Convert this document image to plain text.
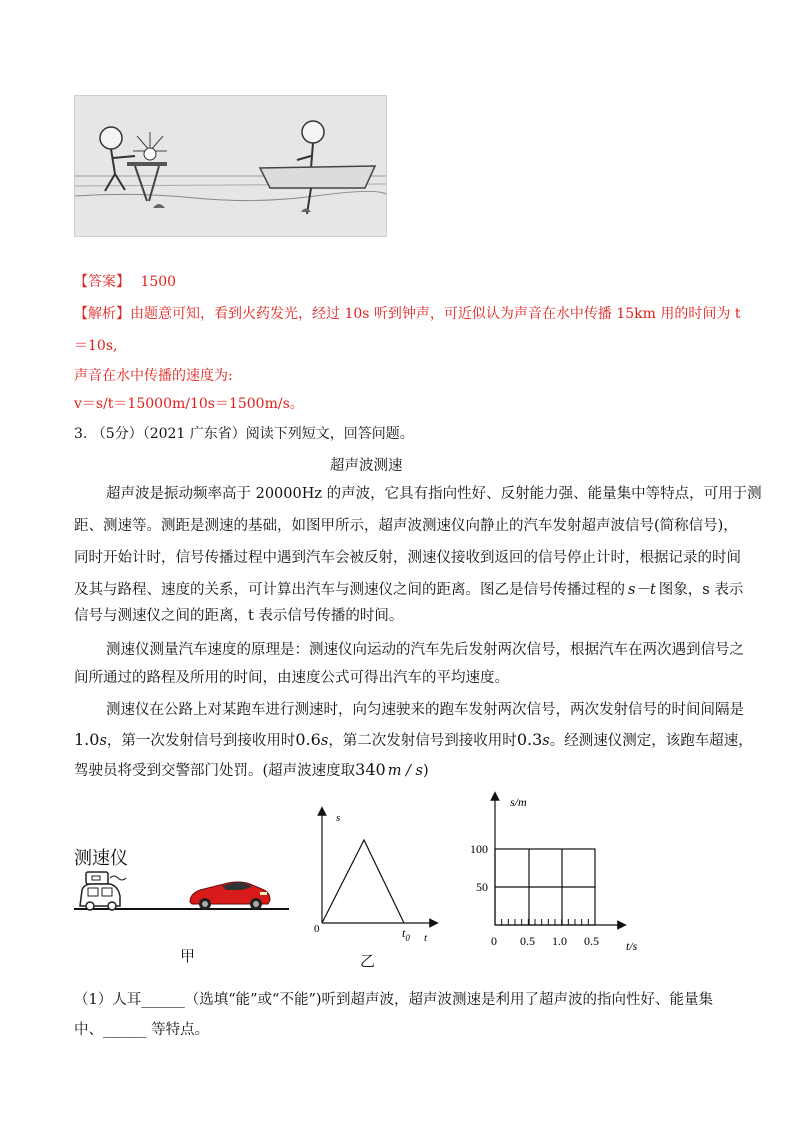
【答案】 1500
【解析】由题意可知，看到火药发光，经过 10s 听到钟声，可近似认为声音在水中传播 15km 用的时间为 t
＝10s,
声音在水中传播的速度为:
v＝s/t＝15000m/10s＝1500m/s。
3. （5分）（2021 广东省）阅读下列短文，回答问题。
超声波测速
超声波是振动频率高于 20000Hz 的声波，它具有指向性好、反射能力强、能量集中等特点，可用于测
距、测速等。测距是测速的基础，如图甲所示，超声波测速仪向静止的汽车发射超声波信号(简称信号)，
同时开始计时，信号传播过程中遇到汽车会被反射，测速仪接收到返回的信号停止计时，根据记录的时间
及其与路程、速度的关系，可计算出汽车与测速仪之间的距离。图乙是信号传播过程的 s－t 图象，s 表示
信号与测速仪之间的距离，t 表示信号传播的时间。
测速仪测量汽车速度的原理是：测速仪向运动的汽车先后发射两次信号，根据汽车在两次遇到信号之
间所通过的路程及所用的时间，由速度公式可得出汽车的平均速度。
测速仪在公路上对某跑车进行测速时，向匀速驶来的跑车发射两次信号，两次发射信号的时间间隔是
1.0s，第一次发射信号到接收用时0.6s，第二次发射信号到接收用时0.3s。经测速仪测定，该跑车超速，
驾驶员将受到交警部门处罚。(超声波速度取340 m / s)
测速仪
甲
s
0	$t_0$ t
乙
s/m
100
50
0 0.5 1.0 0.5 t/s
（1）人耳______（选填“能”或“不能”)听到超声波，超声波测速是利用了超声波的指向性好、能量集
中、______ 等特点。
